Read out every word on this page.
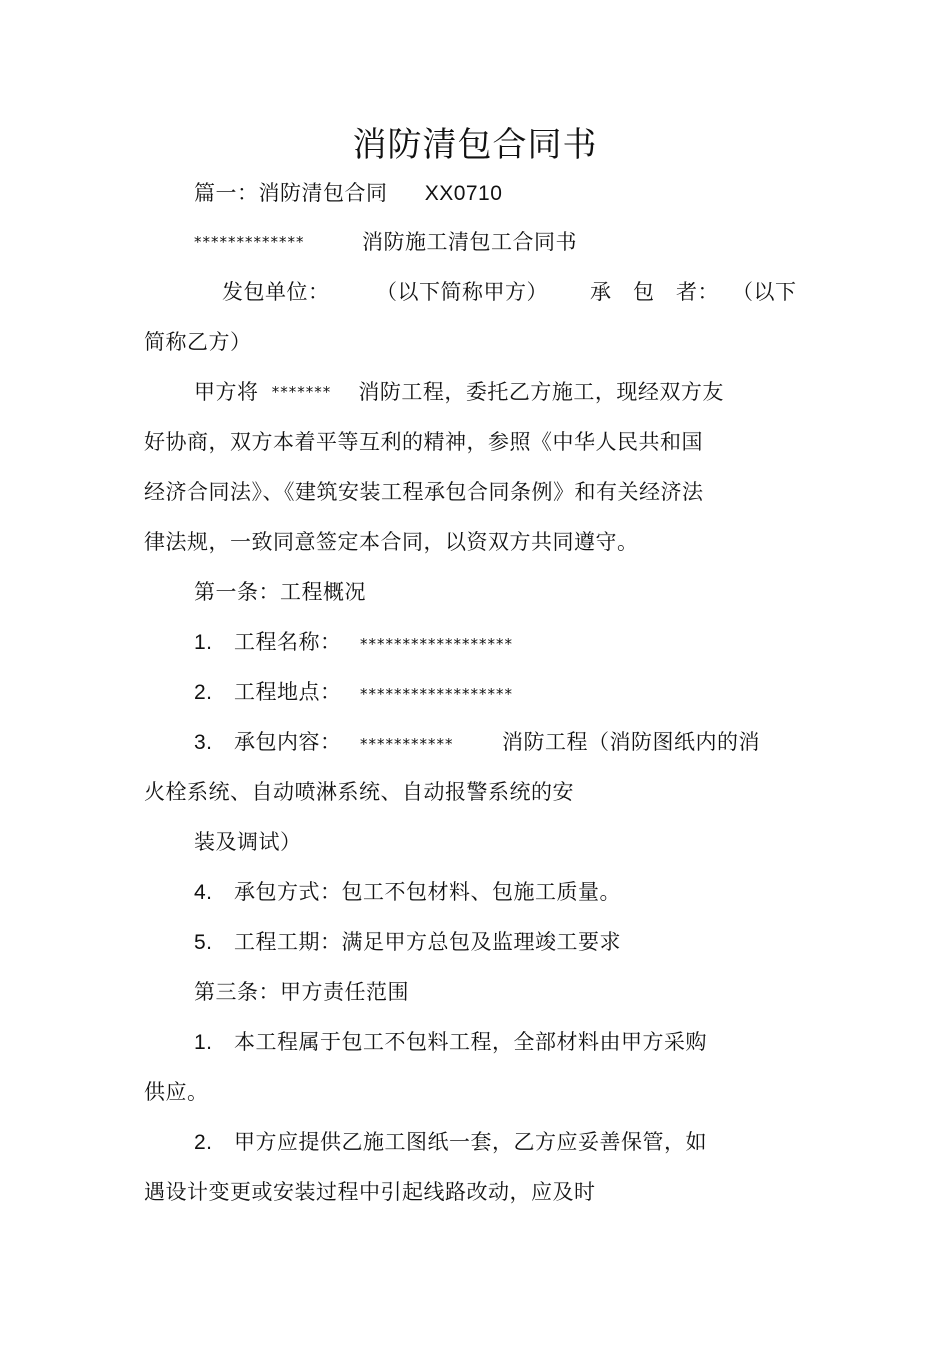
消防清包合同书
篇一：消防清包合同 XX0710
*************	消防施工清包工合同书
发包单位： （以下简称甲方） 承　包　者： （以下
简称乙方）
甲方将 ******* 消防工程，委托乙方施工，现经双方友
好协商，双方本着平等互利的精神，参照《中华人民共和国
经济合同法》、《建筑安装工程承包合同条例》和有关经济法
律法规，一致同意签定本合同，以资双方共同遵守。
第一条：工程概况
1. 工程名称： ******************
2. 工程地点： ******************
3. 承包内容： *********** 消防工程（消防图纸内的消
火栓系统、自动喷淋系统、自动报警系统的安
装及调试）
4. 承包方式：包工不包材料、包施工质量。
5. 工程工期：满足甲方总包及监理竣工要求
第三条：甲方责任范围
1. 本工程属于包工不包料工程，全部材料由甲方采购
供应。
2. 甲方应提供乙施工图纸一套，乙方应妥善保管，如
遇设计变更或安装过程中引起线路改动，应及时
